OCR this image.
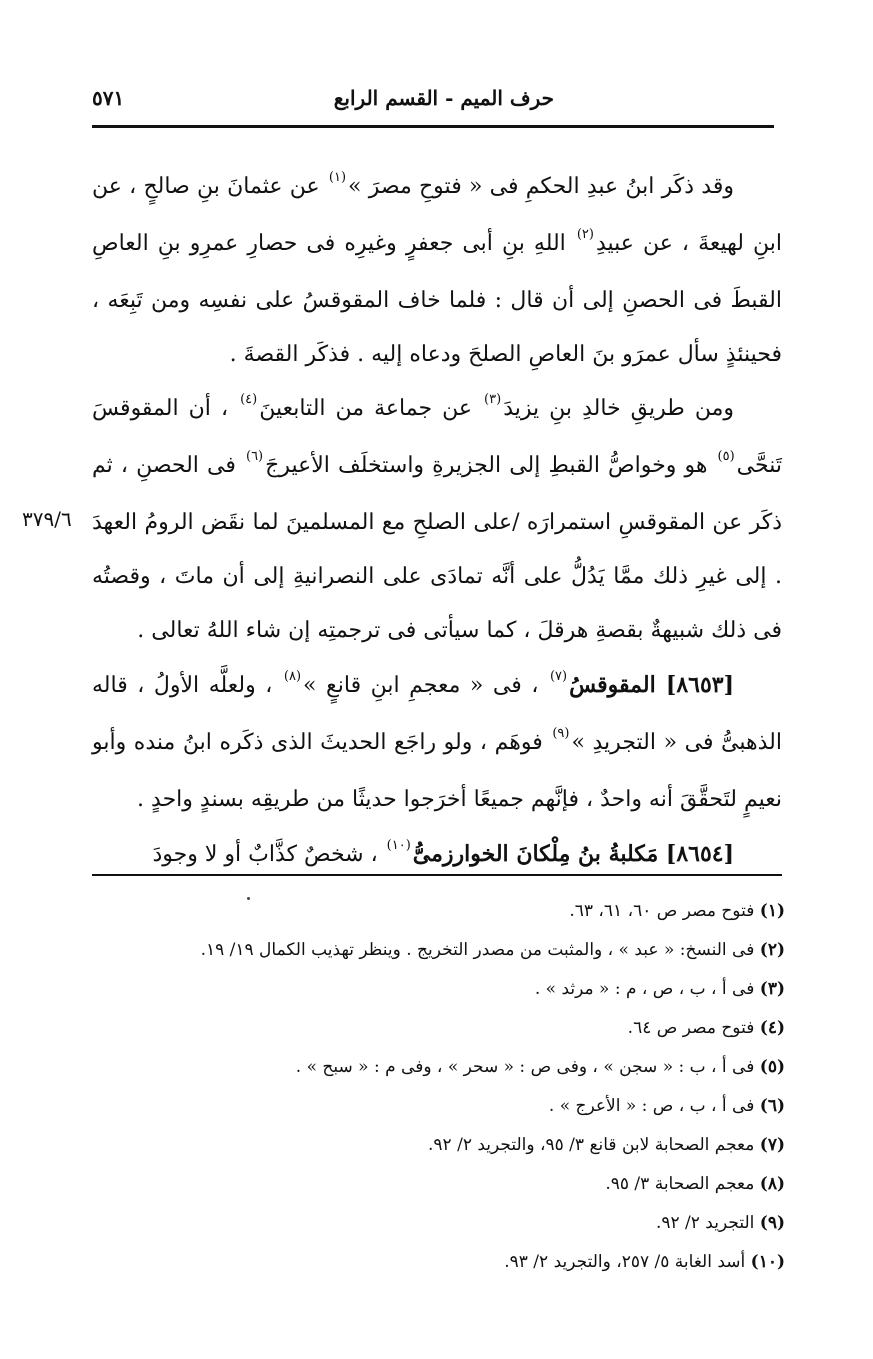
حرف الميم - القسم الرابع
٥٧١
٣٧٩/٦

وقد ذكَر ابنُ عبدِ الحكمِ فى « فتوحِ مصرَ »$^{(١)}$ عن عثمانَ بنِ صالحٍ ، عن ابنِ لهيعةَ ، عن عبيدِ$^{(٢)}$ اللهِ بنِ أبى جعفرٍ وغيرِه فى حصارِ عمرِو بنِ العاصِ القبطَ فى الحصنِ إلى أن قال : فلما خاف المقوقسُ على نفسِه ومن تَبِعَه ، فحينئذٍ سأل عمرَو بنَ العاصِ الصلحَ ودعاه إليه . فذكَر القصةَ .

ومن طريقِ خالدِ بنِ يزيدَ$^{(٣)}$ عن جماعة من التابعينَ$^{(٤)}$ ، أن المقوقسَ تَنحَّى$^{(٥)}$ هو وخواصُّ القبطِ إلى الجزيرةِ واستخلَف الأعيرجَ$^{(٦)}$ فى الحصنِ ، ثم ذكَر عن المقوقسِ استمرارَه /على الصلحِ مع المسلمينَ لما نقَض الرومُ العهدَ . إلى غيرِ ذلك ممَّا يَدُلُّ على أنَّه تمادَى على النصرانيةِ إلى أن ماتَ ، وقصتُه فى ذلك شبيهةٌ بقصةِ هرقلَ ، كما سيأتى فى ترجمتِه إن شاء اللهُ تعالى .

[٨٦٥٣] المقوقسُ$^{(٧)}$ ، فى « معجمِ ابنِ قانعٍ »$^{(٨)}$ ، ولعلَّه الأولُ ، قاله الذهبىُّ فى « التجريدِ »$^{(٩)}$ فوهَم ، ولو راجَع الحديثَ الذى ذكَره ابنُ منده وأبو نعيمٍ لتَحقَّقَ أنه واحدٌ ، فإنَّهم جميعًا أخرَجوا حديثًا من طريقِه بسندٍ واحدٍ .

[٨٦٥٤] مَكلبةُ بنُ مِلْكانَ الخوارزمىُّ$^{(١٠)}$ ، شخصٌ كذَّابٌ أو لا وجودَ

(١) فتوح مصر ص ٦٠، ٦١، ٦٣.

(٢) فى النسخ: « عبد » ، والمثبت من مصدر التخريج . وينظر تهذيب الكمال ١٩/ ١٩.

(٣) فى أ ، ب ، ص ، م : « مرثد » .

(٤) فتوح مصر ص ٦٤.

(٥) فى أ ، ب : « سجن » ، وفى ص : « سحر » ، وفى م : « سبح » .

(٦) فى أ ، ب ، ص : « الأعرج » .

(٧) معجم الصحابة لابن قانع ٣/ ٩٥، والتجريد ٢/ ٩٢.

(٨) معجم الصحابة ٣/ ٩٥.

(٩) التجريد ٢/ ٩٢.

(١٠) أسد الغابة ٥/ ٢٥٧، والتجريد ٢/ ٩٣.
